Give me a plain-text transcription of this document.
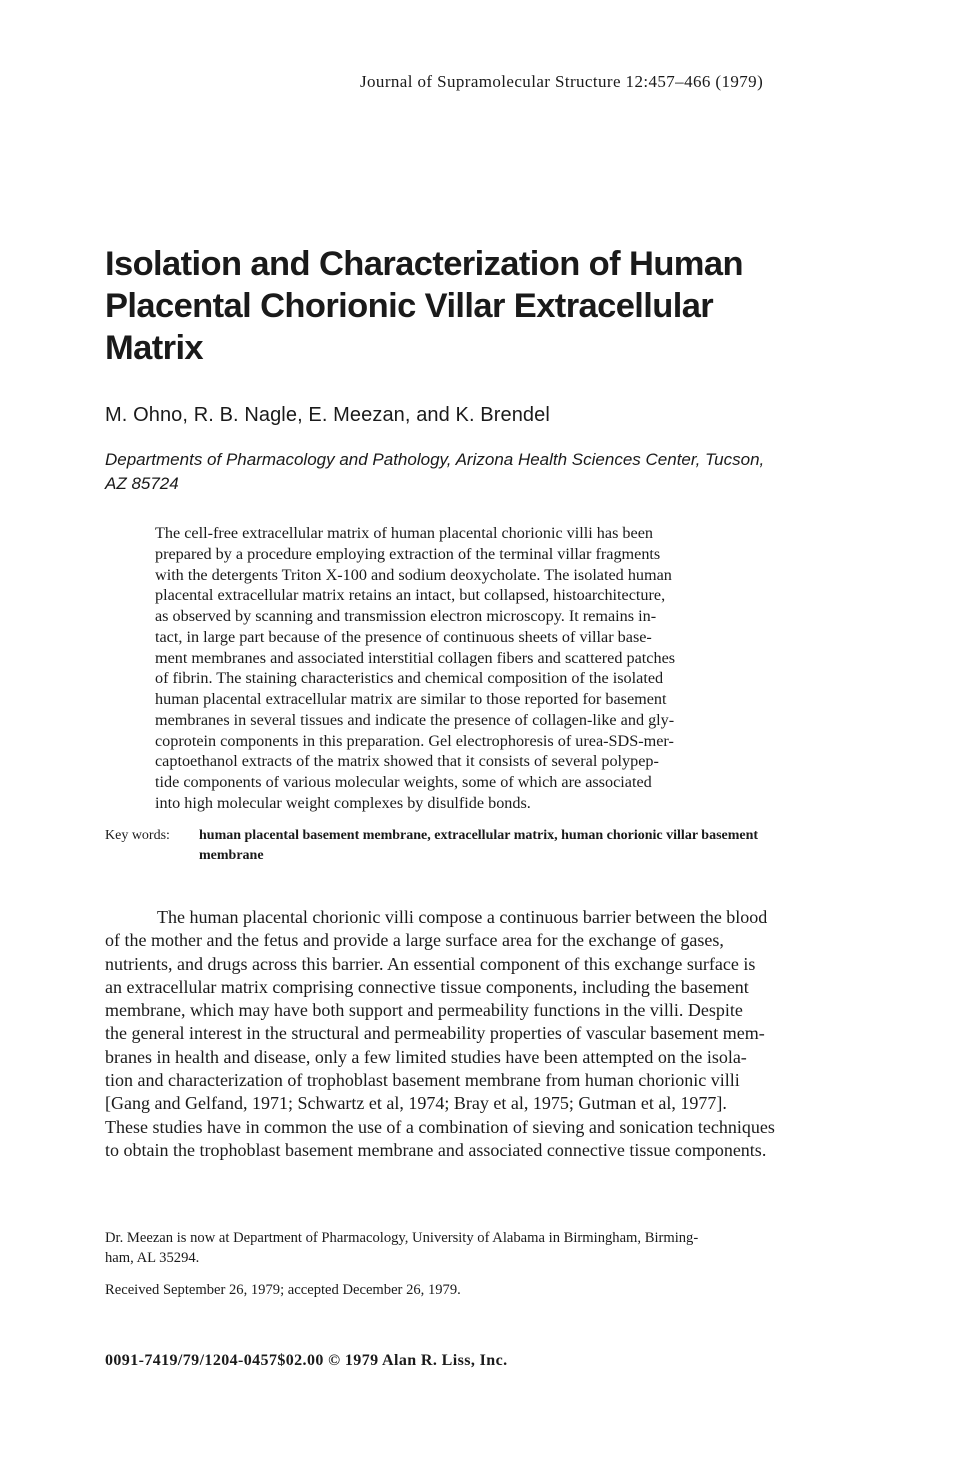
Journal of Supramolecular Structure 12:457–466 (1979)
Isolation and Characterization of Human
Placental Chorionic Villar Extracellular
Matrix
M. Ohno, R. B. Nagle, E. Meezan, and K. Brendel
Departments of Pharmacology and Pathology, Arizona Health Sciences Center, Tucson,
AZ 85724
The cell-free extracellular matrix of human placental chorionic villi has been
prepared by a procedure employing extraction of the terminal villar fragments
with the detergents Triton X-100 and sodium deoxycholate. The isolated human
placental extracellular matrix retains an intact, but collapsed, histoarchitecture,
as observed by scanning and transmission electron microscopy. It remains in-
tact, in large part because of the presence of continuous sheets of villar base-
ment membranes and associated interstitial collagen fibers and scattered patches
of fibrin. The staining characteristics and chemical composition of the isolated
human placental extracellular matrix are similar to those reported for basement
membranes in several tissues and indicate the presence of collagen-like and gly-
coprotein components in this preparation. Gel electrophoresis of urea-SDS-mer-
captoethanol extracts of the matrix showed that it consists of several polypep-
tide components of various molecular weights, some of which are associated
into high molecular weight complexes by disulfide bonds.
Key words: human placental basement membrane, extracellular matrix, human chorionic villar basement
membrane
The human placental chorionic villi compose a continuous barrier between the blood
of the mother and the fetus and provide a large surface area for the exchange of gases,
nutrients, and drugs across this barrier. An essential component of this exchange surface is
an extracellular matrix comprising connective tissue components, including the basement
membrane, which may have both support and permeability functions in the villi. Despite
the general interest in the structural and permeability properties of vascular basement mem-
branes in health and disease, only a few limited studies have been attempted on the isola-
tion and characterization of trophoblast basement membrane from human chorionic villi
[Gang and Gelfand, 1971; Schwartz et al, 1974; Bray et al, 1975; Gutman et al, 1977].
These studies have in common the use of a combination of sieving and sonication techniques
to obtain the trophoblast basement membrane and associated connective tissue components.
Dr. Meezan is now at Department of Pharmacology, University of Alabama in Birmingham, Birming-
ham, AL 35294.
Received September 26, 1979; accepted December 26, 1979.
0091-7419/79/1204-0457$02.00 © 1979 Alan R. Liss, Inc.
